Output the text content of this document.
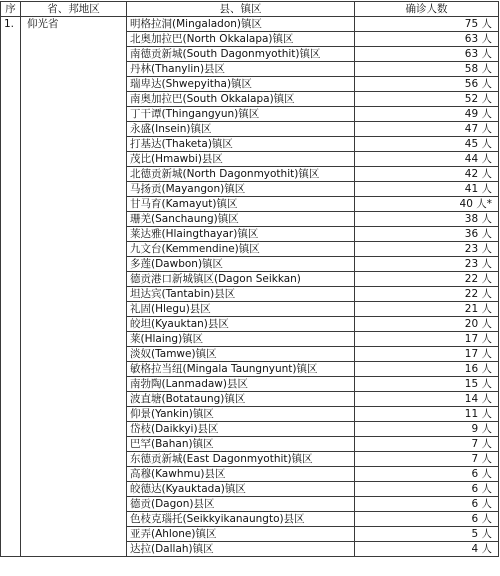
序	省、邦地区	县、镇区	确诊人数
1.	仰光省	明格拉洞(Mingaladon)镇区	75 人
		北奥加拉巴(North Okkalapa)镇区	63 人
		南德贡新城(South Dagonmyothit)镇区	63 人
		丹林(Thanylin)县区	58 人
		瑞卑达(Shwepyitha)镇区	56 人
		南奥加拉巴(South Okkalapa)镇区	52 人
		丁干谭(Thingangyun)镇区	49 人
		永盛(Insein)镇区	47 人
		打基达(Thaketa)镇区	45 人
		茂比(Hmawbi)县区	44 人
		北德贡新城(North Dagonmyothit)镇区	42 人
		马扬贡(Mayangon)镇区	41 人
		甘马育(Kamayut)镇区	40 人*
		珊羌(Sanchaung)镇区	38 人
		莱达雅(Hlaingthayar)镇区	36 人
		九文台(Kemmendine)镇区	23 人
		多莲(Dawbon)镇区	23 人
		德贡港口新城镇区(Dagon Seikkan)	22 人
		坦达宾(Tantabin)县区	22 人
		礼固(Hlegu)县区	21 人
		皎坦(Kyauktan)县区	20 人
		莱(Hlaing)镇区	17 人
		淡奴(Tamwe)镇区	17 人
		敏格拉当纽(Mingala Taungnyunt)镇区	16 人
		南勃陶(Lanmadaw)县区	15 人
		波直塘(Botataung)镇区	14 人
		仰景(Yankin)镇区	11 人
		岱枝(Daikkyi)县区	9 人
		巴罕(Bahan)镇区	7 人
		东德贡新城(East Dagonmyothit)镇区	7 人
		高穆(Kawhmu)县区	6 人
		皎德达(Kyauktada)镇区	6 人
		德贡(Dagon)县区	6 人
		色枝克瑙托(Seikkyikanaungto)县区	6 人
		亚弄(Ahlone)镇区	5 人
		达拉(Dallah)镇区	4 人
